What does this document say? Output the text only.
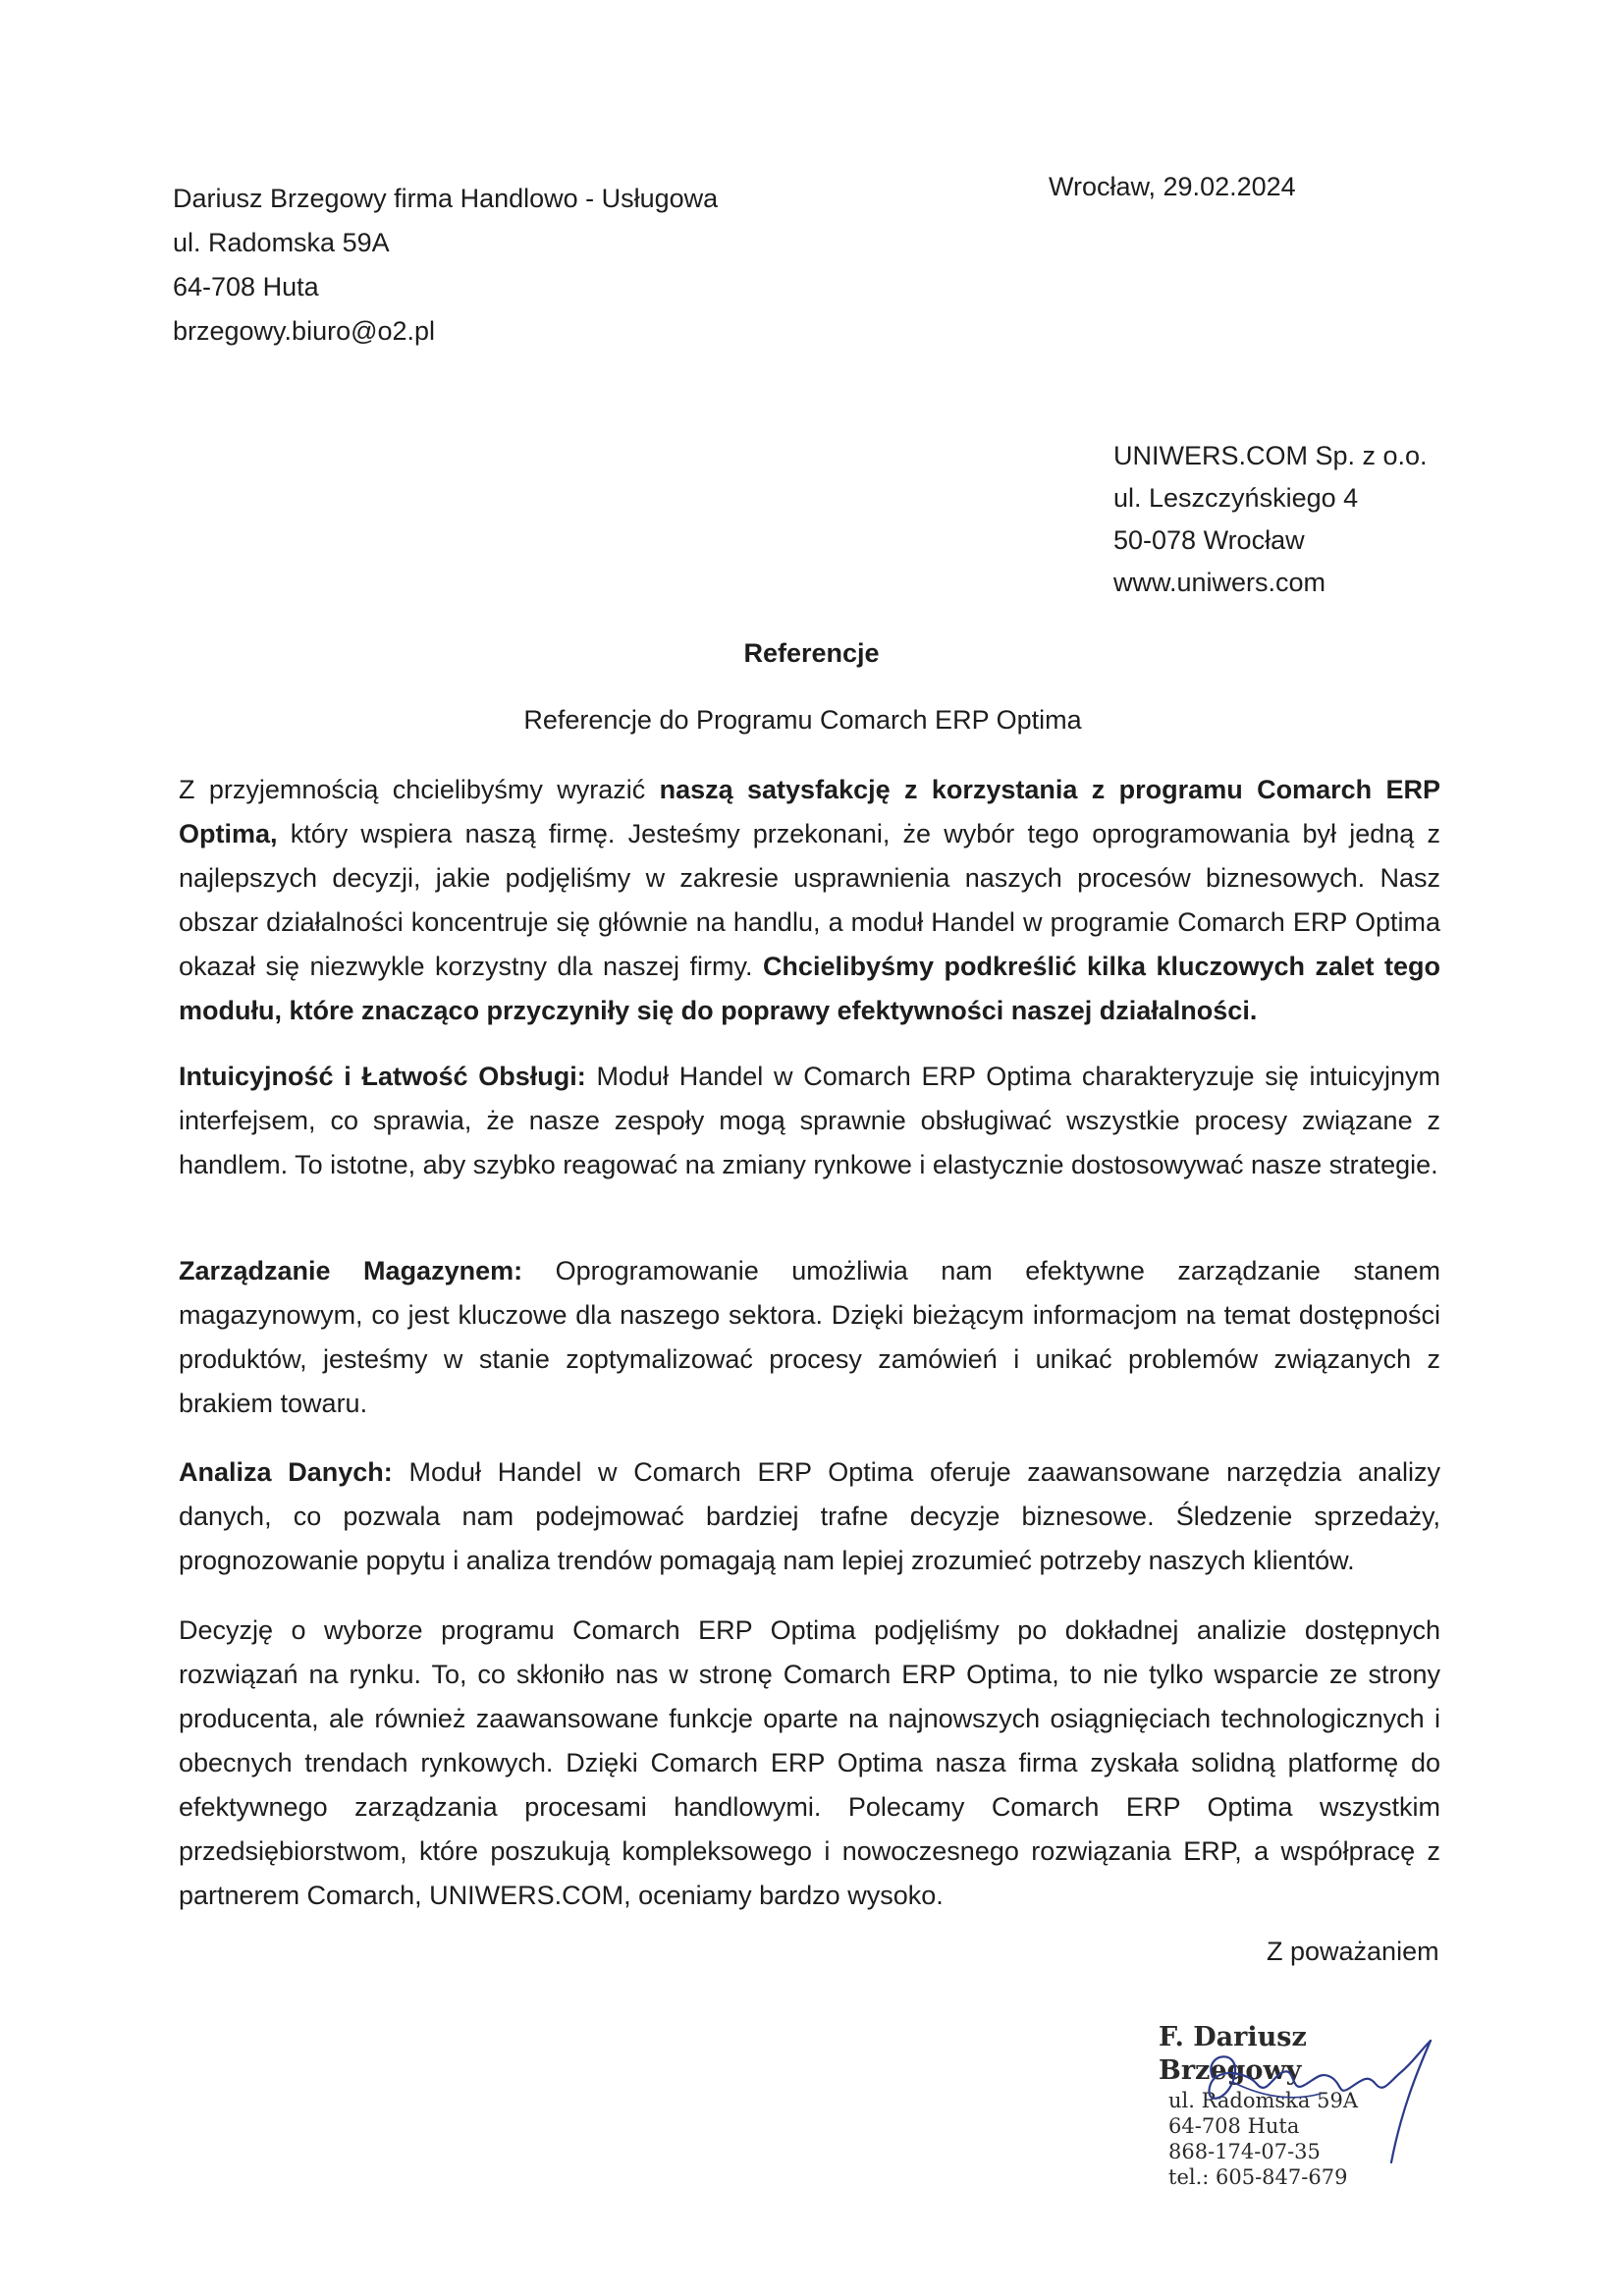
Dariusz Brzegowy firma Handlowo - Usługowa
ul. Radomska 59A
64-708 Huta
brzegowy.biuro@o2.pl
Wrocław, 29.02.2024
UNIWERS.COM Sp. z o.o.
ul. Leszczyńskiego 4
50-078 Wrocław
www.uniwers.com
Referencje
Referencje do Programu Comarch ERP Optima
Z przyjemnością chcielibyśmy wyrazić naszą satysfakcję z korzystania z programu Comarch ERP Optima, który wspiera naszą firmę. Jesteśmy przekonani, że wybór tego oprogramowania był jedną z najlepszych decyzji, jakie podjęliśmy w zakresie usprawnienia naszych procesów biznesowych. Nasz obszar działalności koncentruje się głównie na handlu, a moduł Handel w programie Comarch ERP Optima okazał się niezwykle korzystny dla naszej firmy. Chcielibyśmy podkreślić kilka kluczowych zalet tego modułu, które znacząco przyczyniły się do poprawy efektywności naszej działalności.
Intuicyjność i Łatwość Obsługi: Moduł Handel w Comarch ERP Optima charakteryzuje się intuicyjnym interfejsem, co sprawia, że nasze zespoły mogą sprawnie obsługiwać wszystkie procesy związane z handlem. To istotne, aby szybko reagować na zmiany rynkowe i elastycznie dostosowywać nasze strategie.
Zarządzanie Magazynem: Oprogramowanie umożliwia nam efektywne zarządzanie stanem magazynowym, co jest kluczowe dla naszego sektora. Dzięki bieżącym informacjom na temat dostępności produktów, jesteśmy w stanie zoptymalizować procesy zamówień i unikać problemów związanych z brakiem towaru.
Analiza Danych: Moduł Handel w Comarch ERP Optima oferuje zaawansowane narzędzia analizy danych, co pozwala nam podejmować bardziej trafne decyzje biznesowe. Śledzenie sprzedaży, prognozowanie popytu i analiza trendów pomagają nam lepiej zrozumieć potrzeby naszych klientów.
Decyzję o wyborze programu Comarch ERP Optima podjęliśmy po dokładnej analizie dostępnych rozwiązań na rynku. To, co skłoniło nas w stronę Comarch ERP Optima, to nie tylko wsparcie ze strony producenta, ale również zaawansowane funkcje oparte na najnowszych osiągnięciach technologicznych i obecnych trendach rynkowych. Dzięki Comarch ERP Optima nasza firma zyskała solidną platformę do efektywnego zarządzania procesami handlowymi. Polecamy Comarch ERP Optima wszystkim przedsiębiorstwom, które poszukują kompleksowego i nowoczesnego rozwiązania ERP, a współpracę z partnerem Comarch, UNIWERS.COM, oceniamy bardzo wysoko.
Z poważaniem
F. Dariusz Brzegowy
ul. Radomska 59A
64-708 Huta
868-174-07-35
tel.: 605-847-679
